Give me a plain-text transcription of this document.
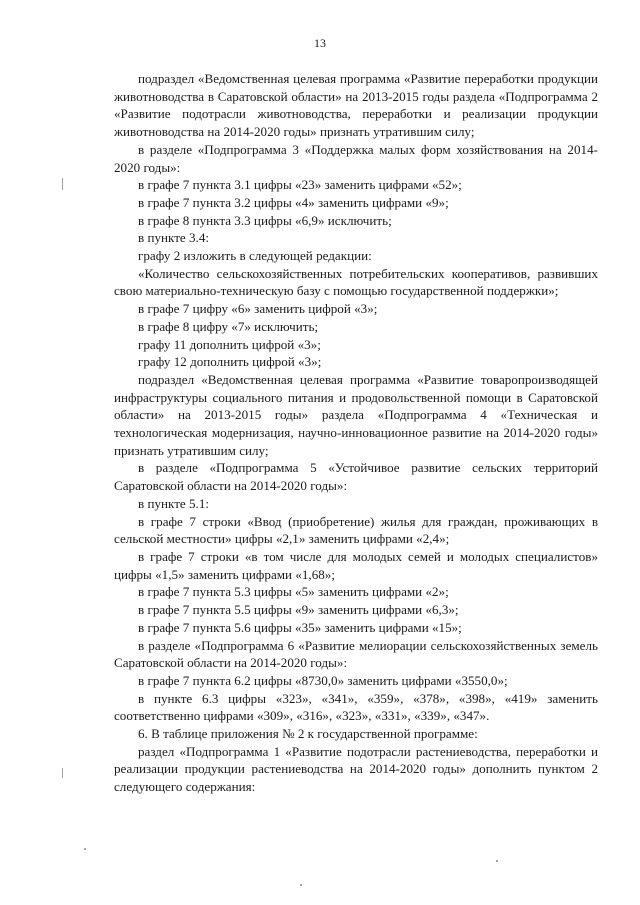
13

подраздел «Ведомственная целевая программа «Развитие переработки продукции животноводства в Саратовской области» на 2013-2015 годы раздела «Подпрограмма 2 «Развитие подотрасли животноводства, переработки и реализации продукции животноводства на 2014-2020 годы» признать утратившим силу;

в разделе «Подпрограмма 3 «Поддержка малых форм хозяйствования на 2014-2020 годы»:

в графе 7 пункта 3.1 цифры «23» заменить цифрами «52»;

в графе 7 пункта 3.2 цифры «4» заменить цифрами «9»;

в графе 8 пункта 3.3 цифры «6,9» исключить;

в пункте 3.4:

графу 2 изложить в следующей редакции:

«Количество сельскохозяйственных потребительских кооперативов, развивших свою материально-техническую базу с помощью государственной поддержки»;

в графе 7 цифру «6» заменить цифрой «3»;

в графе 8 цифру «7» исключить;

графу 11 дополнить цифрой «3»;

графу 12 дополнить цифрой «3»;

подраздел «Ведомственная целевая программа «Развитие товаропроизводящей инфраструктуры социального питания и продовольственной помощи в Саратовской области» на 2013-2015 годы» раздела «Подпрограмма 4 «Техническая и технологическая модернизация, научно-инновационное развитие на 2014-2020 годы» признать утратившим силу;

в разделе «Подпрограмма 5 «Устойчивое развитие сельских территорий Саратовской области на 2014-2020 годы»:

в пункте 5.1:

в графе 7 строки «Ввод (приобретение) жилья для граждан, проживающих в сельской местности» цифры «2,1» заменить цифрами «2,4»;

в графе 7 строки «в том числе для молодых семей и молодых специалистов» цифры «1,5» заменить цифрами «1,68»;

в графе 7 пункта 5.3 цифры «5» заменить цифрами «2»;

в графе 7 пункта 5.5 цифры «9» заменить цифрами «6,3»;

в графе 7 пункта 5.6 цифры «35» заменить цифрами «15»;

в разделе «Подпрограмма 6 «Развитие мелиорации сельскохозяйственных земель Саратовской области на 2014-2020 годы»:

в графе 7 пункта 6.2 цифры «8730,0» заменить цифрами «3550,0»;

в пункте 6.3 цифры «323», «341», «359», «378», «398», «419» заменить соответственно цифрами «309», «316», «323», «331», «339», «347».

6. В таблице приложения № 2 к государственной программе:

раздел «Подпрограмма 1 «Развитие подотрасли растениеводства, переработки и реализации продукции растениеводства на 2014-2020 годы» дополнить пунктом 2 следующего содержания:
